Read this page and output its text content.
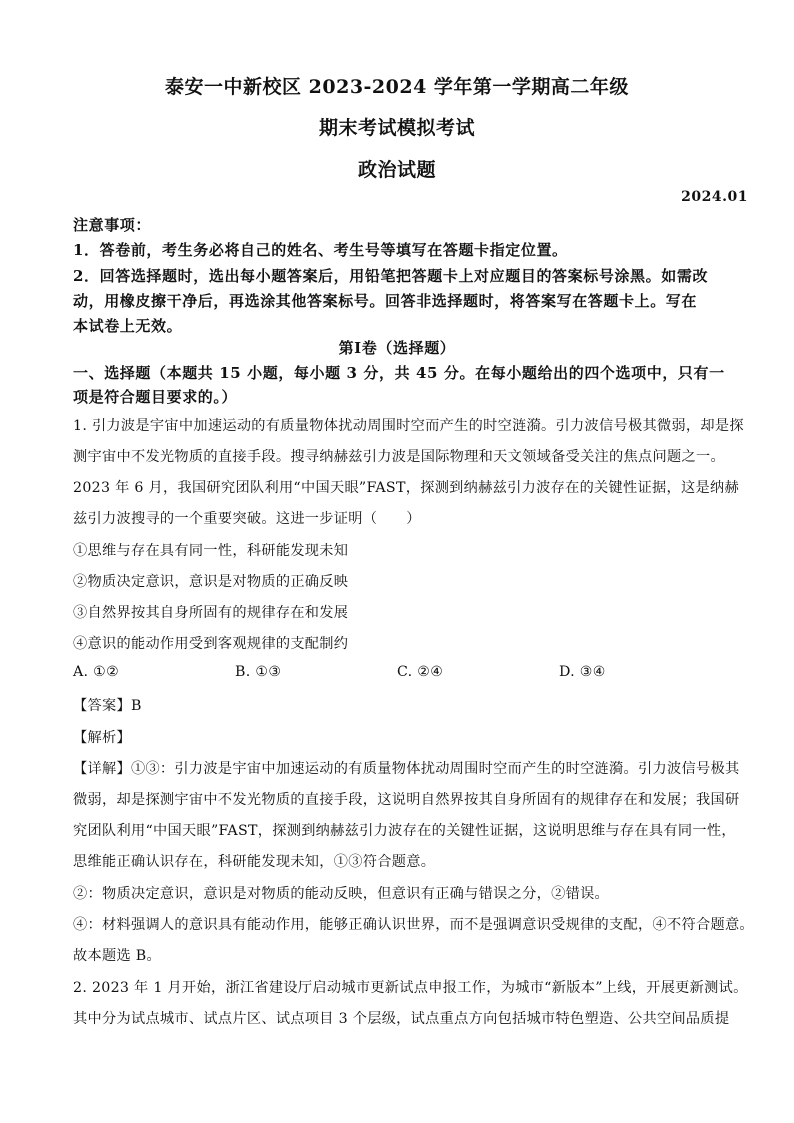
泰安一中新校区 2023-2024 学年第一学期高二年级
期末考试模拟考试
政治试题
2024.01
注意事项：
1．答卷前，考生务必将自己的姓名、考生号等填写在答题卡指定位置。
2．回答选择题时，选出每小题答案后，用铅笔把答题卡上对应题目的答案标号涂黑。如需改
动，用橡皮擦干净后，再选涂其他答案标号。回答非选择题时，将答案写在答题卡上。写在
本试卷上无效。
第Ⅰ卷（选择题）
一、选择题（本题共 15 小题，每小题 3 分，共 45 分。在每小题给出的四个选项中，只有一
项是符合题目要求的。）
1. 引力波是宇宙中加速运动的有质量物体扰动周围时空而产生的时空涟漪。引力波信号极其微弱，却是探
测宇宙中不发光物质的直接手段。搜寻纳赫兹引力波是国际物理和天文领域备受关注的焦点问题之一。
2023 年 6 月，我国研究团队利用“中国天眼”FAST，探测到纳赫兹引力波存在的关键性证据，这是纳赫
兹引力波搜寻的一个重要突破。这进一步证明（　　）
①思维与存在具有同一性，科研能发现未知
②物质决定意识，意识是对物质的正确反映
③自然界按其自身所固有的规律存在和发展
④意识的能动作用受到客观规律的支配制约
A. ①②	B. ①③	C. ②④	D. ③④
【答案】B
【解析】
【详解】①③：引力波是宇宙中加速运动的有质量物体扰动周围时空而产生的时空涟漪。引力波信号极其
微弱，却是探测宇宙中不发光物质的直接手段，这说明自然界按其自身所固有的规律存在和发展；我国研
究团队利用“中国天眼”FAST，探测到纳赫兹引力波存在的关键性证据，这说明思维与存在具有同一性，
思维能正确认识存在，科研能发现未知，①③符合题意。
②：物质决定意识，意识是对物质的能动反映，但意识有正确与错误之分，②错误。
④：材料强调人的意识具有能动作用，能够正确认识世界，而不是强调意识受规律的支配，④不符合题意。
故本题选 B。
2. 2023 年 1 月开始，浙江省建设厅启动城市更新试点申报工作，为城市“新版本”上线，开展更新测试。
其中分为试点城市、试点片区、试点项目 3 个层级，试点重点方向包括城市特色塑造、公共空间品质提
